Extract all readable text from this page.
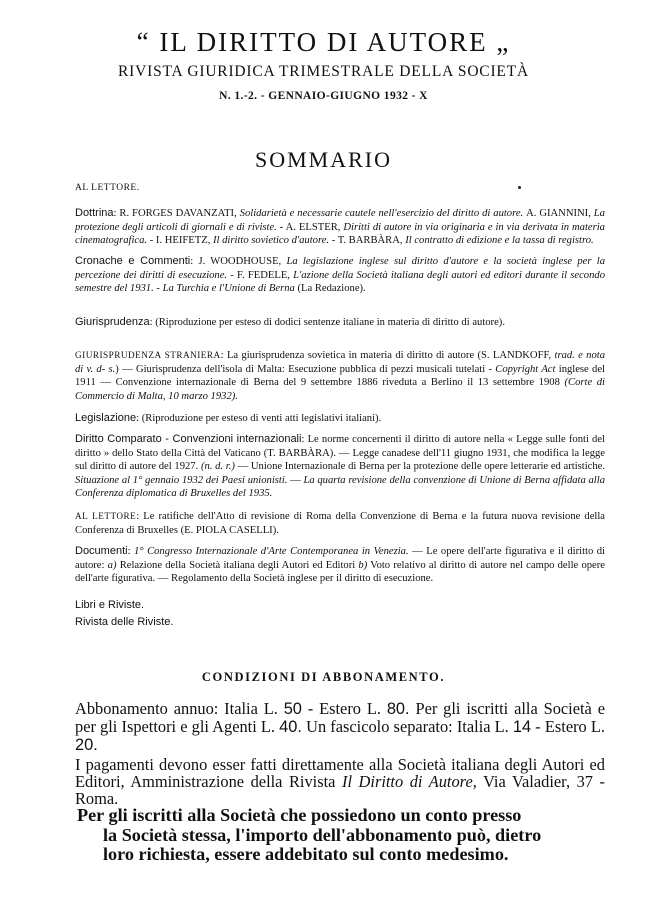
“ IL DIRITTO DI AUTORE „
RIVISTA GIURIDICA TRIMESTRALE DELLA SOCIETÀ
N. 1.-2. - GENNAIO-GIUGNO 1932 - X
SOMMARIO
AL LETTORE.
Dottrina: R. FORGES DAVANZATI, Solidarietà e necessarie cautele nell'esercizio del diritto di autore. A. GIANNINI, La protezione degli articoli di giornali e di riviste. - A. ELSTER, Diritti di autore in via originaria e in via derivata in materia cinematografica. - I. HEIFETZ, Il diritto sovietico d'autore. - T. BARBÀRA, Il contratto di edizione e la tassa di registro.
Cronache e Commenti: J. WOODHOUSE, La legislazione inglese sul diritto d'autore e la società inglese per la percezione dei diritti di esecuzione. - F. FEDELE, L'azione della Società italiana degli autori ed editori durante il secondo semestre del 1931. - La Turchia e l'Unione di Berna (La Redazione).
Giurisprudenza: (Riproduzione per esteso di dodici sentenze italiane in materia di diritto di autore).
GIURISPRUDENZA STRANIERA: La giurisprudenza sovietica in materia di diritto di autore (S. LANDKOFF, trad. e nota di v. d- s.) — Giurisprudenza dell'isola di Malta: Esecuzione pubblica di pezzi musicali tutelati - Copyright Act inglese del 1911 — Convenzione internazionale di Berna del 9 settembre 1886 riveduta a Berlino il 13 settembre 1908 (Corte di Commercio di Malta, 10 marzo 1932).
Legislazione: (Riproduzione per esteso di venti atti legislativi italiani).
Diritto Comparato - Convenzioni internazionali: Le norme concernenti il diritto di autore nella « Legge sulle fonti del diritto » dello Stato della Città del Vaticano (T. BARBÀRA). — Legge canadese dell'11 giugno 1931, che modifica la legge sul diritto di autore del 1927. (n. d. r.) — Unione Internazionale di Berna per la protezione delle opere letterarie ed artistiche. Situazione al 1° gennaio 1932 dei Paesi unionisti. — La quarta revisione della convenzione di Unione di Berna affidata alla Conferenza diplomatica di Bruxelles del 1935.
AL LETTORE: Le ratifiche dell'Atto di revisione di Roma della Convenzione di Berna e la futura nuova revisione della Conferenza di Bruxelles (E. PIOLA CASELLI).
Documenti: 1° Congresso Internazionale d'Arte Contemporanea in Venezia. — Le opere dell'arte figurativa e il diritto di autore: a) Relazione della Società italiana degli Autori ed Editori b) Voto relativo al diritto di autore nel campo delle opere dell'arte figurativa. — Regolamento della Società inglese per il diritto di esecuzione.
Libri e Riviste.
Rivista delle Riviste.
CONDIZIONI DI ABBONAMENTO.
Abbonamento annuo: Italia L. 50 - Estero L. 80. Per gli iscritti alla Società e per gli Ispettori e gli Agenti L. 40. Un fascicolo separato: Italia L. 14 - Estero L. 20.
I pagamenti devono esser fatti direttamente alla Società italiana degli Autori ed Editori, Amministrazione della Rivista Il Diritto di Autore, Via Valadier, 37 - Roma.
Per gli iscritti alla Società che possiedono un conto presso
la Società stessa, l'importo dell'abbonamento può, dietro
loro richiesta, essere addebitato sul conto medesimo.
